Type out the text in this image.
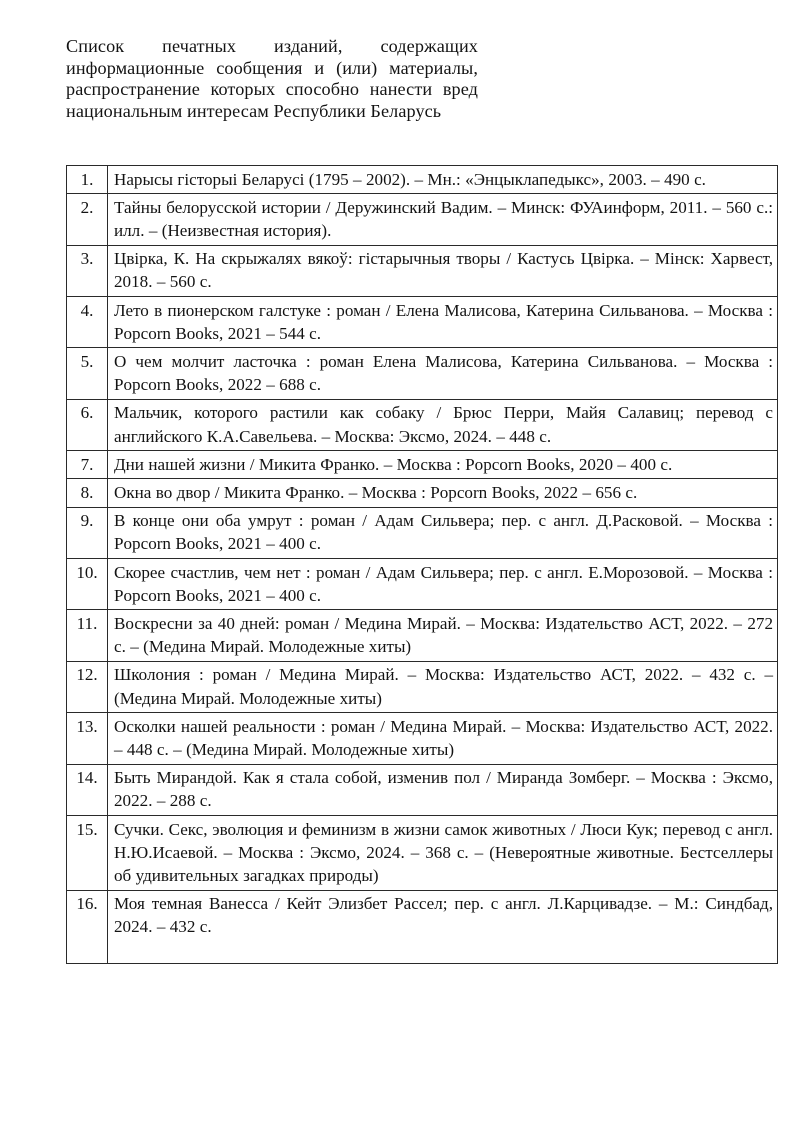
Список печатных изданий, содержащих информационные сообщения и (или) материалы, распространение которых способно нанести вред национальным интересам Республики Беларусь
1.	Нарысы гісторыі Беларусі (1795 – 2002). – Мн.: «Энцыклапедыкс», 2003. – 490 с.
2.	Тайны белорусской истории / Деружинский Вадим. – Минск: ФУАинформ, 2011. – 560 с.: илл. – (Неизвестная история).
3.	Цвірка, К. На скрыжалях вякоў: гістарычныя творы / Кастусь Цвірка. – Мінск: Харвест, 2018. – 560 с.
4.	Лето в пионерском галстуке : роман / Елена Малисова, Катерина Сильванова. – Москва : Popcorn Books, 2021 – 544 с.
5.	О чем молчит ласточка : роман Елена Малисова, Катерина Сильванова. – Москва : Popcorn Books, 2022 – 688 с.
6.	Мальчик, которого растили как собаку / Брюс Перри, Майя Салавиц; перевод с английского К.А.Савельева. – Москва: Эксмо, 2024. – 448 с.
7.	Дни нашей жизни / Микита Франко. – Москва : Popcorn Books, 2020 – 400 с.
8.	Окна во двор / Микита Франко. – Москва : Popcorn Books, 2022 – 656 с.
9.	В конце они оба умрут : роман / Адам Сильвера; пер. с англ. Д.Расковой. – Москва : Popcorn Books, 2021 – 400 с.
10.	Скорее счастлив, чем нет : роман / Адам Сильвера; пер. с англ. Е.Морозовой. – Москва : Popcorn Books, 2021 – 400 с.
11.	Воскресни за 40 дней: роман / Медина Мирай. – Москва: Издательство АСТ, 2022. – 272 с. – (Медина Мирай. Молодежные хиты)
12.	Школония : роман / Медина Мирай. – Москва: Издательство АСТ, 2022. – 432 с. – (Медина Мирай. Молодежные хиты)
13.	Осколки нашей реальности : роман / Медина Мирай. – Москва: Издательство АСТ, 2022. – 448 с. – (Медина Мирай. Молодежные хиты)
14.	Быть Мирандой. Как я стала собой, изменив пол / Миранда Зомберг. – Москва : Эксмо, 2022. – 288 с.
15.	Сучки. Секс, эволюция и феминизм в жизни самок животных / Люси Кук; перевод с англ. Н.Ю.Исаевой. – Москва : Эксмо, 2024. – 368 с. – (Невероятные животные. Бестселлеры об удивительных загадках природы)
16.	Моя темная Ванесса / Кейт Элизбет Рассел; пер. с англ. Л.Карцивадзе. – М.: Синдбад, 2024. – 432 с.
